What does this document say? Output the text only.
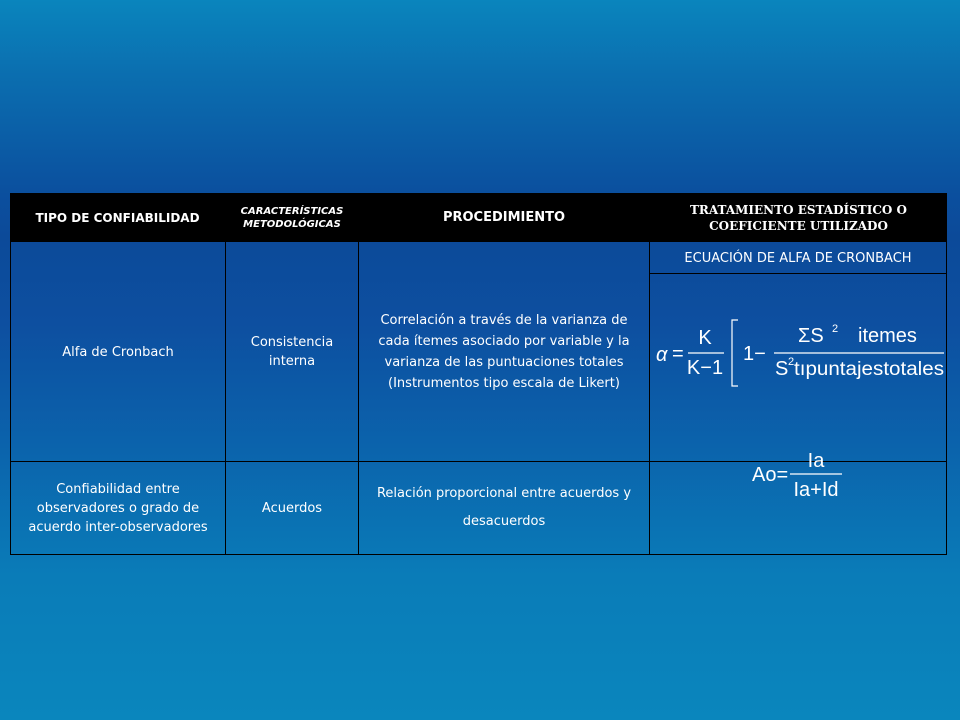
TIPO DE CONFIABILIDAD	CARACTERÍSTICAS METODOLÓGICAS	PROCEDIMIENTO
TRATAMIENTO ESTADÍSTICO O COEFICIENTE UTILIZADO
Alfa de Cronbach
Consistencia interna
Correlación a través de la varianza de cada ítemes asociado por variable y la varianza de las puntuaciones totales (Instrumentos tipo escala de Likert)
ECUACIÓN DE ALFA DE CRONBACH
α =
K
K−1
1−
ΣS 2 itemes
S 2 tıpuntajestotales
Confiabilidad entre observadores o grado de acuerdo inter-observadores
Acuerdos
Relación proporcional entre acuerdos y desacuerdos
Ao=
Ia
Ia+Id
